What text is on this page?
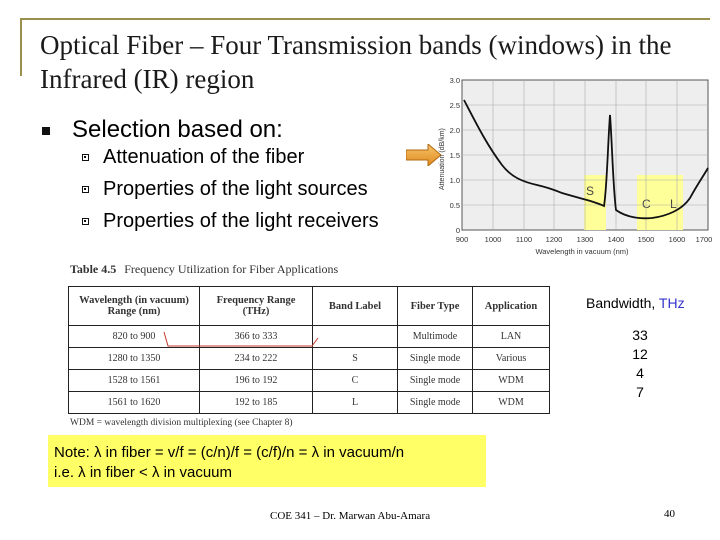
Optical Fiber – Four Transmission bands (windows) in the Infrared (IR) region
Selection based on:
Attenuation of the fiber
Properties of the light sources
Properties of the light receivers
S
C L
3.0
2.5
2.0
1.5
1.0
0.5
0
Attenuation (dB/km)
900 1000 1100 1200 1300 1400 1500 1600 1700
Wavelength in vacuum (nm)
Table 4.5 Frequency Utilization for Fiber Applications
Wavelength (in vacuum) Range (nm)	Frequency Range (THz)	Band Label	Fiber Type	Application
820 to 900	366 to 333		Multimode	LAN
1280 to 1350	234 to 222	S	Single mode	Various
1528 to 1561	196 to 192	C	Single mode	WDM
1561 to 1620	192 to 185	L	Single mode	WDM
WDM = wavelength division multiplexing (see Chapter 8)
Bandwidth, THz
33
12
4
7
Note: λ in fiber = v/f = (c/n)/f = (c/f)/n = λ in vacuum/n
i.e. λ in fiber < λ in vacuum
COE 341 – Dr. Marwan Abu-Amara	40
